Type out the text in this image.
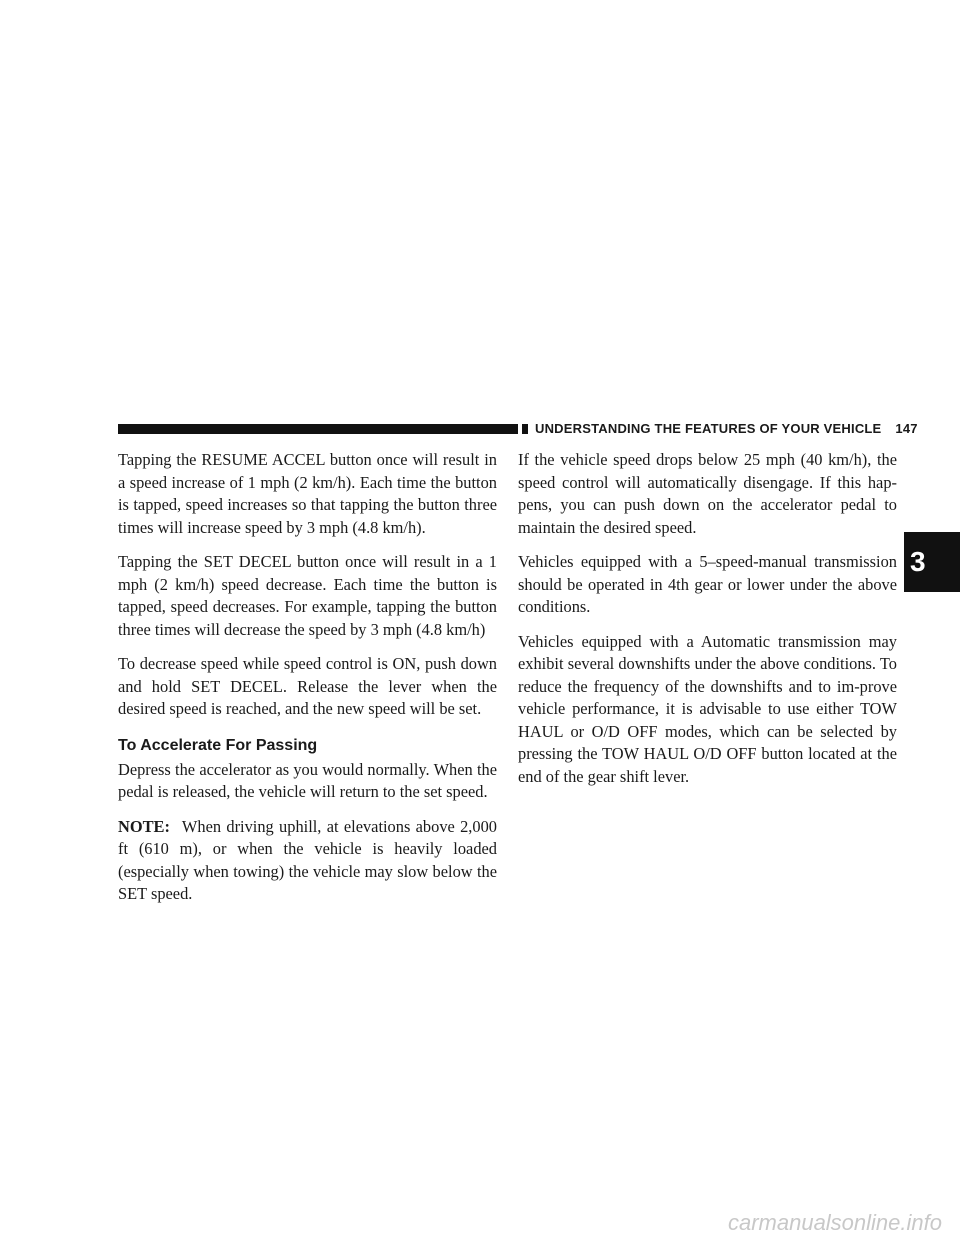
UNDERSTANDING THE FEATURES OF YOUR VEHICLE 147
3

Tapping the RESUME ACCEL button once will result in a speed increase of 1 mph (2 km/h). Each time the button is tapped, speed increases so that tapping the button three times will increase speed by 3 mph (4.8 km/h).

Tapping the SET DECEL button once will result in a 1 mph (2 km/h) speed decrease. Each time the button is tapped, speed decreases. For example, tapping the button three times will decrease the speed by 3 mph (4.8 km/h)

To decrease speed while speed control is ON, push down and hold SET DECEL. Release the lever when the desired speed is reached, and the new speed will be set.

To Accelerate For Passing

Depress the accelerator as you would normally. When the pedal is released, the vehicle will return to the set speed.

NOTE: When driving uphill, at elevations above 2,000 ft (610 m), or when the vehicle is heavily loaded (especially when towing) the vehicle may slow below the SET speed.

If the vehicle speed drops below 25 mph (40 km/h), the speed control will automatically disengage. If this hap-pens, you can push down on the accelerator pedal to maintain the desired speed.

Vehicles equipped with a 5–speed-manual transmission should be operated in 4th gear or lower under the above conditions.

Vehicles equipped with a Automatic transmission may exhibit several downshifts under the above conditions. To reduce the frequency of the downshifts and to im-prove vehicle performance, it is advisable to use either TOW HAUL or O/D OFF modes, which can be selected by pressing the TOW HAUL O/D OFF button located at the end of the gear shift lever.

carmanualsonline.info
